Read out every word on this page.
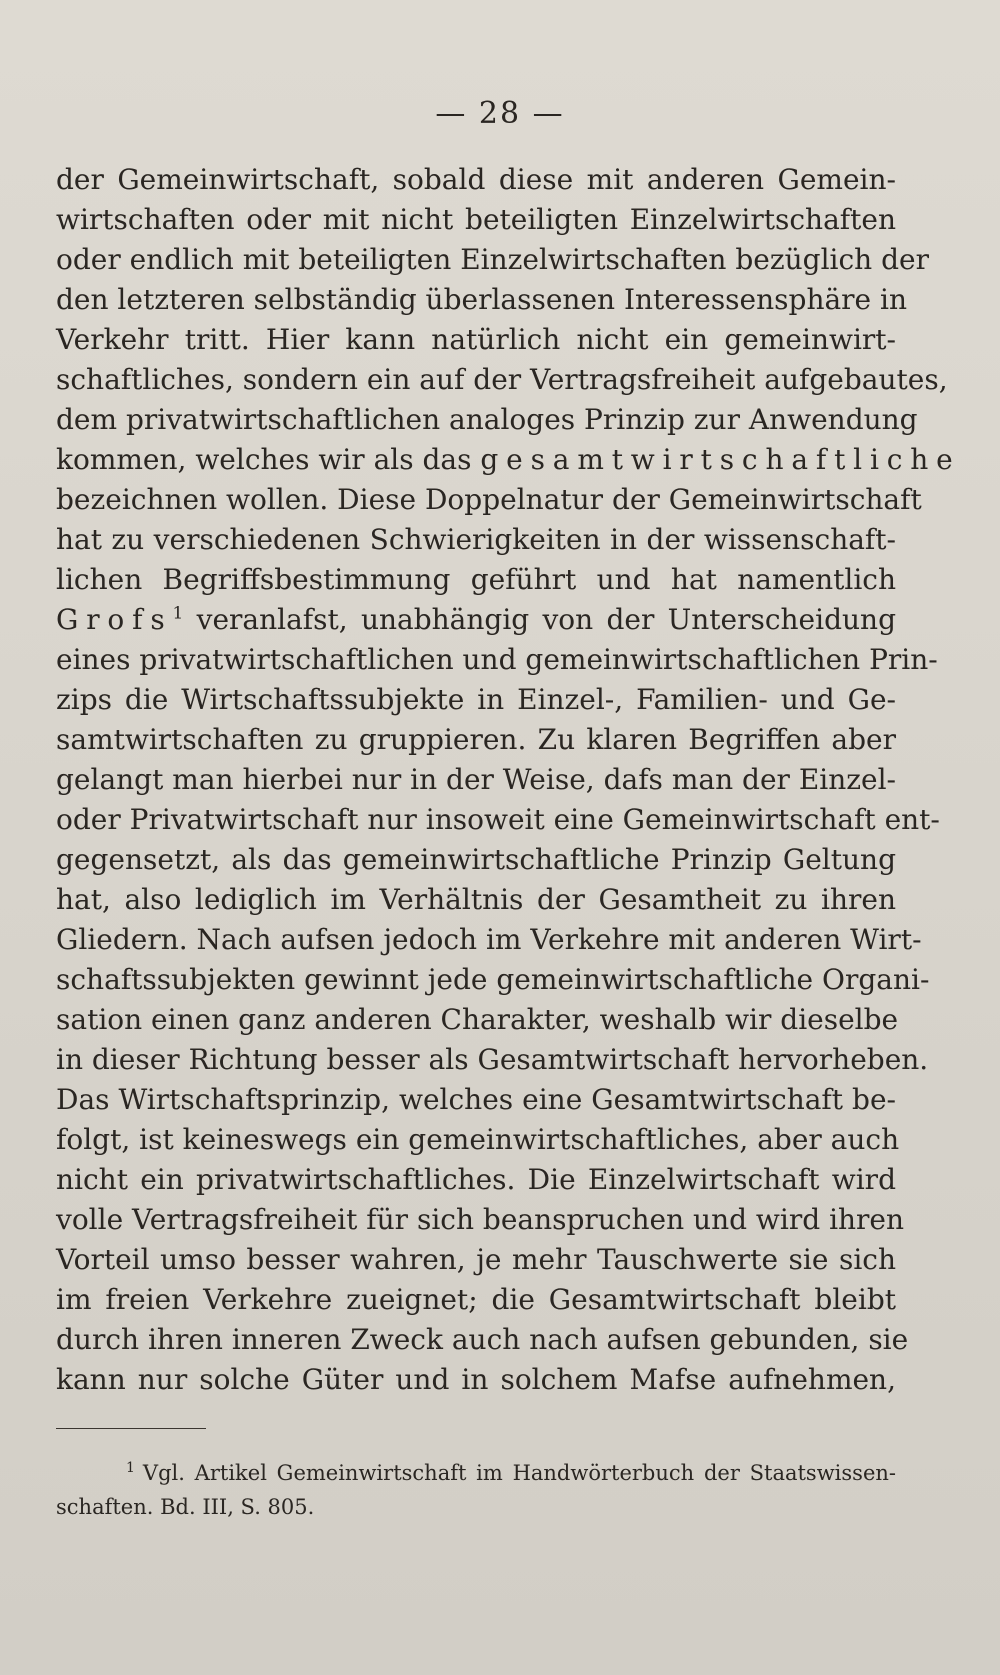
— 28 —
der Gemeinwirtschaft, sobald diese mit anderen Gemein-
wirtschaften oder mit nicht beteiligten Einzelwirtschaften
oder endlich mit beteiligten Einzelwirtschaften bezüglich der
den letzteren selbständig überlassenen Interessensphäre in
Verkehr tritt. Hier kann natürlich nicht ein gemeinwirt-
schaftliches, sondern ein auf der Vertragsfreiheit aufgebautes,
dem privatwirtschaftlichen analoges Prinzip zur Anwendung
kommen, welches wir als das gesamtwirtschaftliche
bezeichnen wollen. Diese Doppelnatur der Gemeinwirtschaft
hat zu verschiedenen Schwierigkeiten in der wissenschaft-
lichen Begriffsbestimmung geführt und hat namentlich
Grofs$^1$ veranlafst, unabhängig von der Unterscheidung
eines privatwirtschaftlichen und gemeinwirtschaftlichen Prin-
zips die Wirtschaftssubjekte in Einzel-, Familien- und Ge-
samtwirtschaften zu gruppieren. Zu klaren Begriffen aber
gelangt man hierbei nur in der Weise, dafs man der Einzel-
oder Privatwirtschaft nur insoweit eine Gemeinwirtschaft ent-
gegensetzt, als das gemeinwirtschaftliche Prinzip Geltung
hat, also lediglich im Verhältnis der Gesamtheit zu ihren
Gliedern. Nach aufsen jedoch im Verkehre mit anderen Wirt-
schaftssubjekten gewinnt jede gemeinwirtschaftliche Organi-
sation einen ganz anderen Charakter, weshalb wir dieselbe
in dieser Richtung besser als Gesamtwirtschaft hervorheben.
Das Wirtschaftsprinzip, welches eine Gesamtwirtschaft be-
folgt, ist keineswegs ein gemeinwirtschaftliches, aber auch
nicht ein privatwirtschaftliches. Die Einzelwirtschaft wird
volle Vertragsfreiheit für sich beanspruchen und wird ihren
Vorteil umso besser wahren, je mehr Tauschwerte sie sich
im freien Verkehre zueignet; die Gesamtwirtschaft bleibt
durch ihren inneren Zweck auch nach aufsen gebunden, sie
kann nur solche Güter und in solchem Mafse aufnehmen,
$^1$ Vgl. Artikel Gemeinwirtschaft im Handwörterbuch der Staatswissen-
schaften. Bd. III, S. 805.
